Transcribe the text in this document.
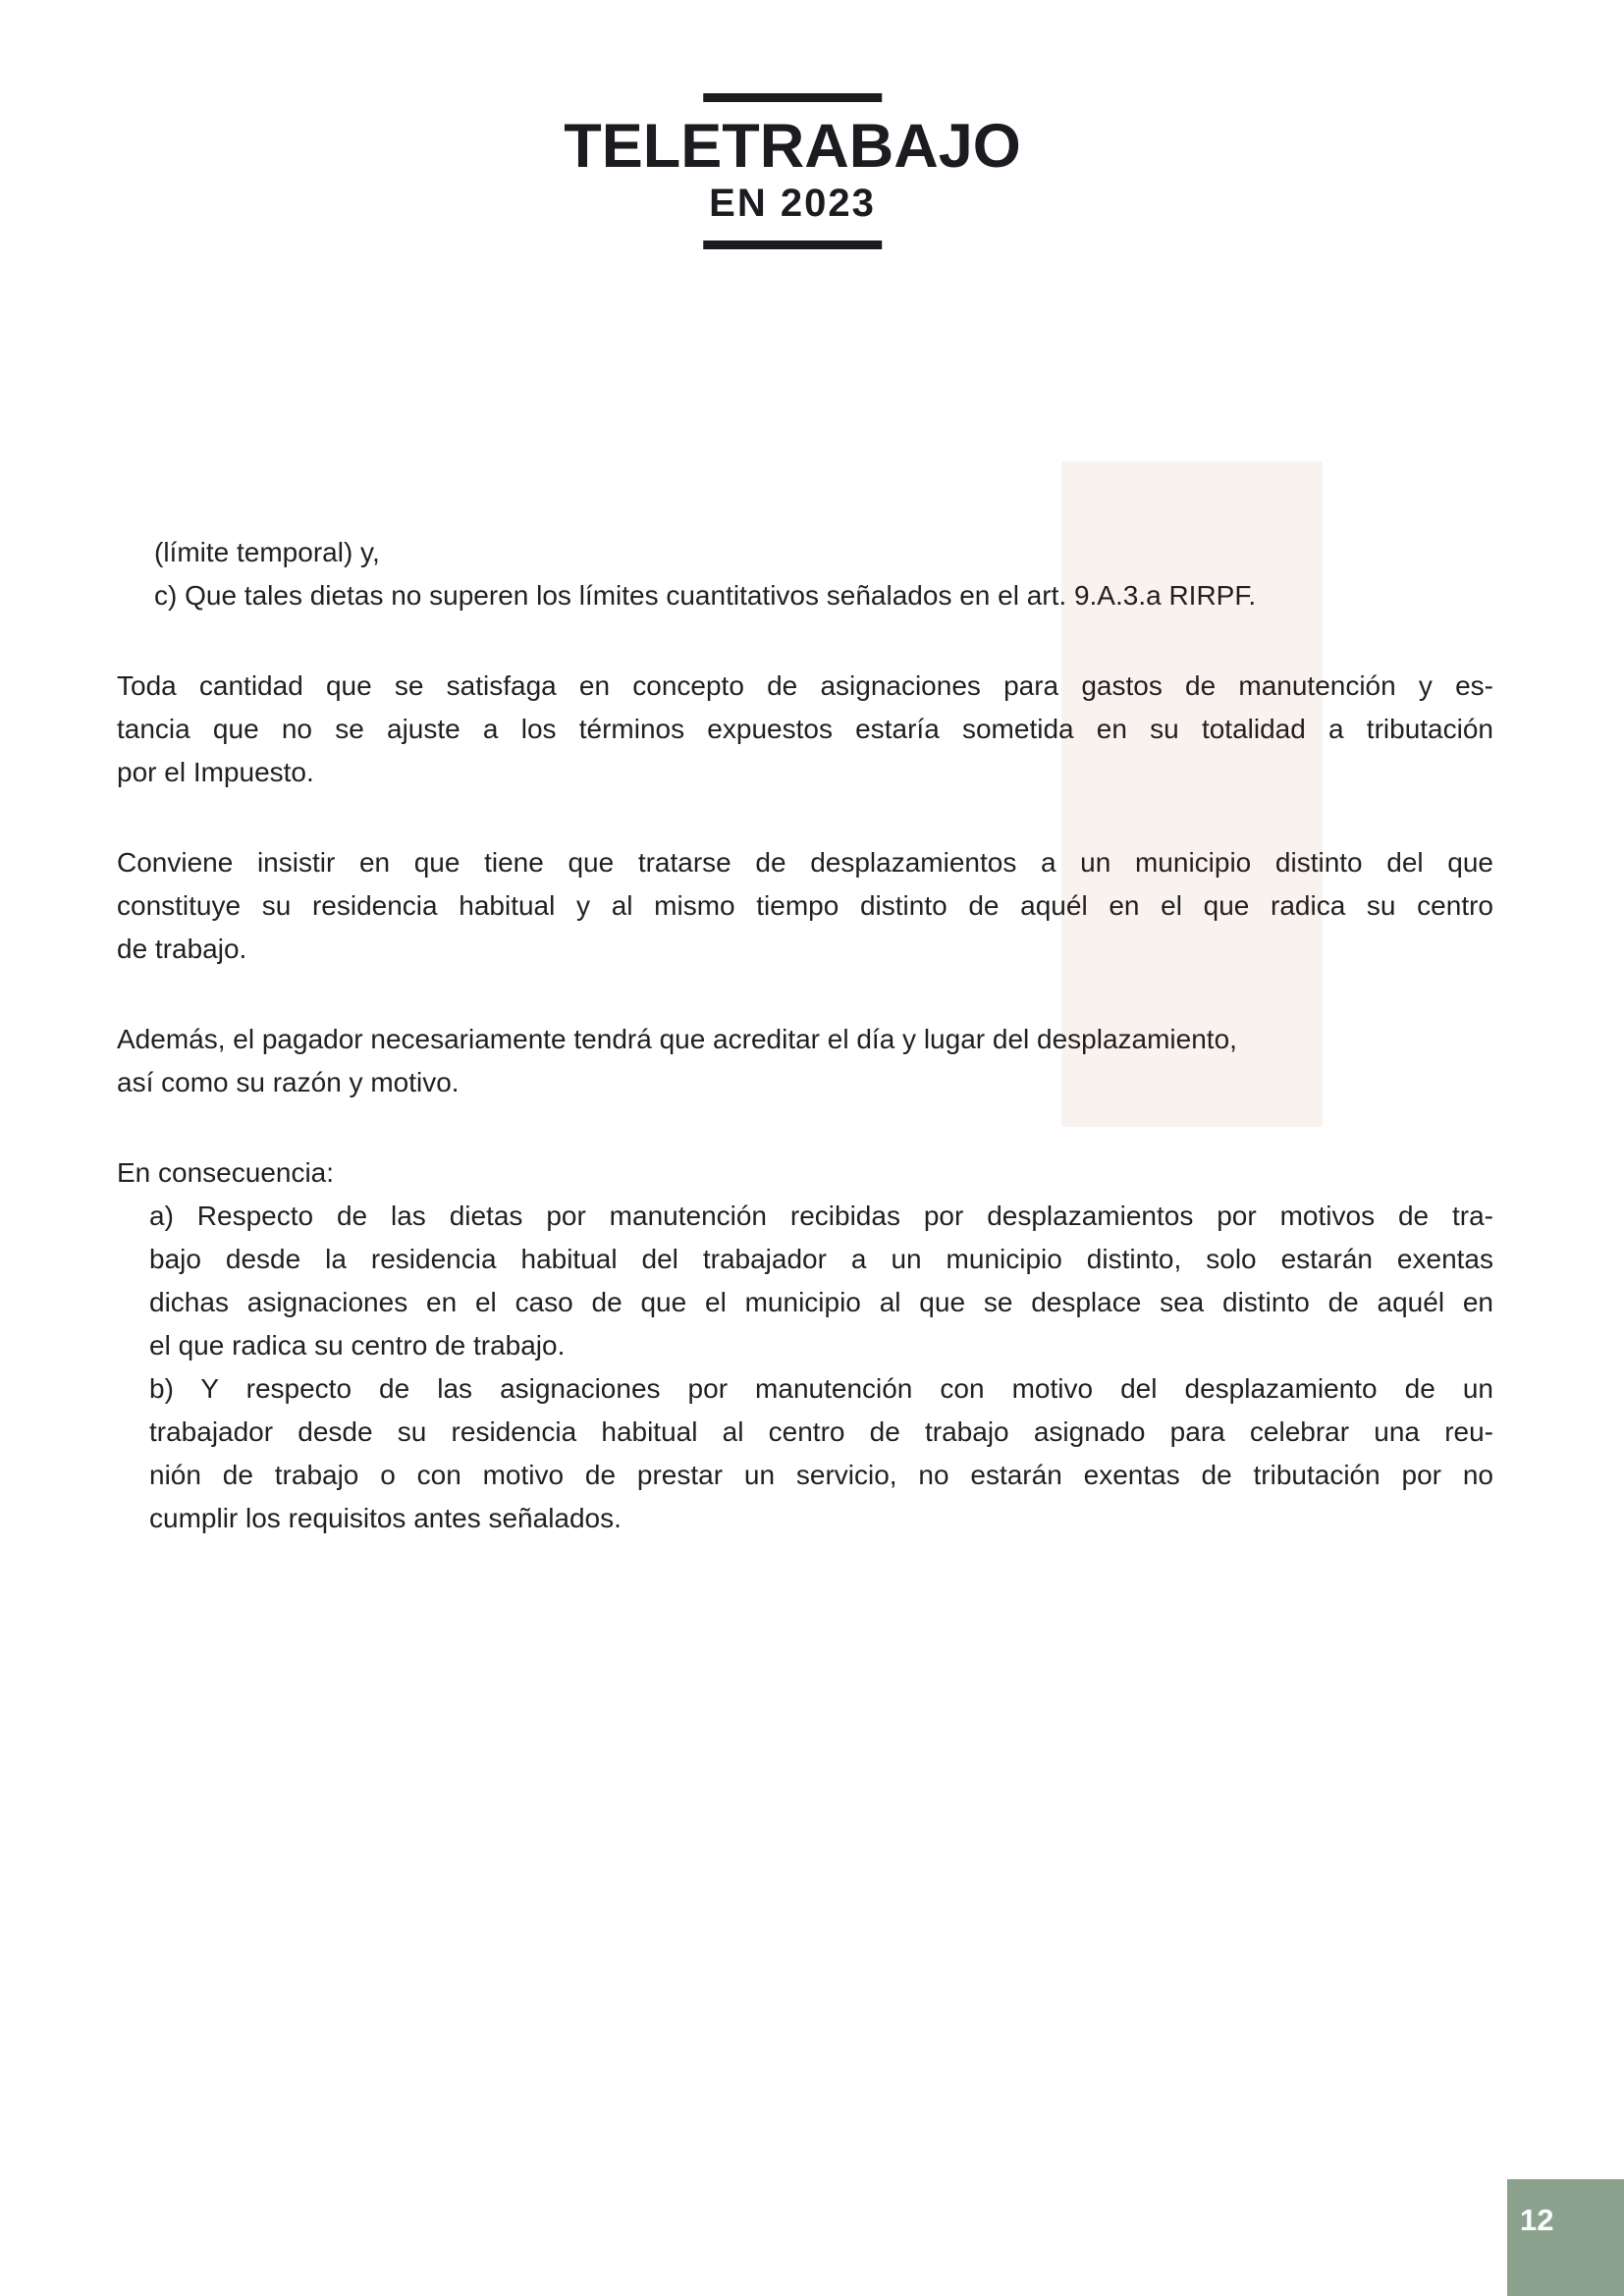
TELETRABAJO
EN 2023
(límite temporal) y,
c) Que tales dietas no superen los límites cuantitativos señalados en el art. 9.A.3.a RIRPF.
Toda cantidad que se satisfaga en concepto de asignaciones para gastos de manutención y es-
tancia que no se ajuste a los términos expuestos estaría sometida en su totalidad a tributación
por el Impuesto.
Conviene insistir en que tiene que tratarse de desplazamientos a un municipio distinto del que
constituye su residencia habitual y al mismo tiempo distinto de aquél en el que radica su centro
de trabajo.
Además, el pagador necesariamente tendrá que acreditar el día y lugar del desplazamiento,
así como su razón y motivo.
En consecuencia:
a) Respecto de las dietas por manutención recibidas por desplazamientos por motivos de tra-
bajo desde la residencia habitual del trabajador a un municipio distinto, solo estarán exentas
dichas asignaciones en el caso de que el municipio al que se desplace sea distinto de aquél en
el que radica su centro de trabajo.
b) Y respecto de las asignaciones por manutención con motivo del desplazamiento de un
trabajador desde su residencia habitual al centro de trabajo asignado para celebrar una reu-
nión de trabajo o con motivo de prestar un servicio, no estarán exentas de tributación por no
cumplir los requisitos antes señalados.
12
